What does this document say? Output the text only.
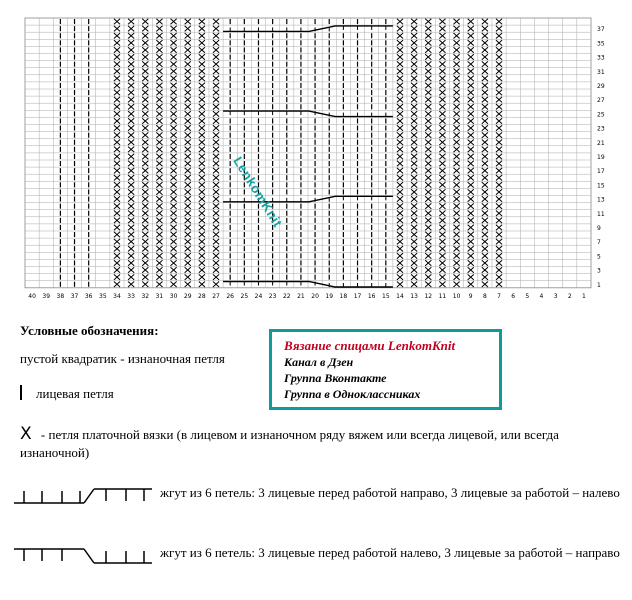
40 39 38 37 36 35 34 33 32 31 30 29 28 27 26 25 24 23 22 21 20 19 18 17 16 15 14 13 12 11 10 9 8 7 6 5 4 3 2 1
37
35
33
31
29
27
25
23
21
19
17
15
13
11
9
7
5
3
1
Условные обозначения:
пустой квадратик - изнаночная петля
лицевая петля
X - петля платочной вязки (в лицевом и изнаночном ряду вяжем или всегда лицевой, или всегда изнаночной)
жгут из 6 петель: 3 лицевые перед работой направо, 3 лицевые за работой – налево
жгут из 6 петель: 3 лицевые перед работой налево, 3 лицевые за работой – направо
Вязание спицами LenkomKnit
Канал в Дзен
Группа Вконтакте
Группа в Одноклассниках
LenkomKnit
